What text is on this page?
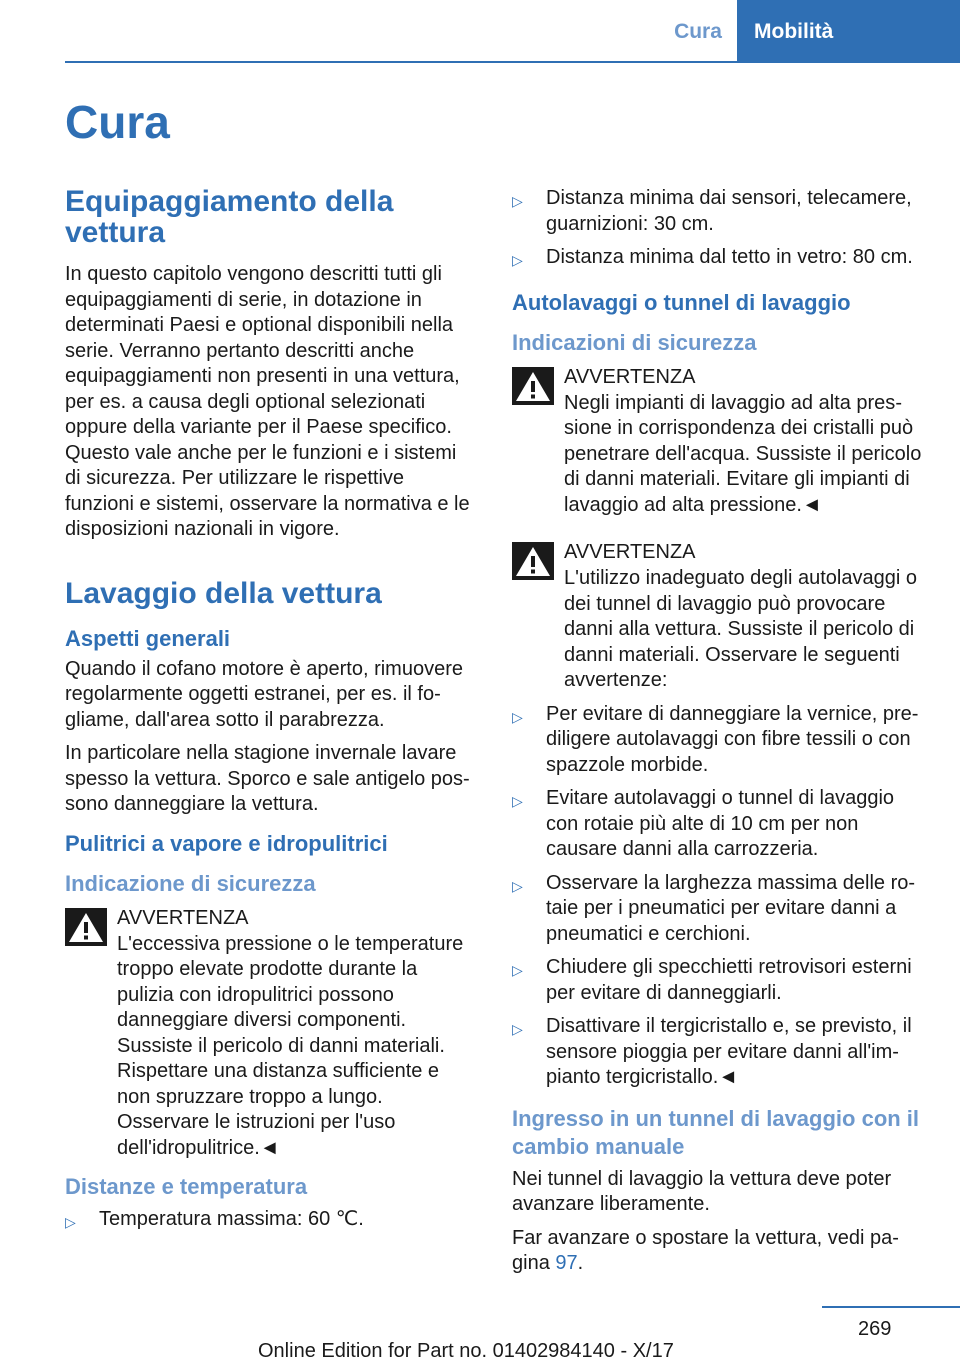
Cura	Mobilità
Cura
Equipaggiamento della vettura

In questo capitolo vengono descritti tutti gli equipaggiamenti di serie, in dotazione in determinati Paesi e optional disponibili nella serie. Verranno pertanto descritti anche equipaggiamenti non presenti in una vettura, per es. a causa degli optional selezionati oppure della variante per il Paese specifico. Questo vale anche per le funzioni e i sistemi di sicurezza. Per utilizzare le rispettive funzioni e sistemi, osservare la normativa e le disposizioni nazionali in vigore.

Lavaggio della vettura
Aspetti generali

Quando il cofano motore è aperto, rimuovere regolarmente oggetti estranei, per es. il fogliame, dall'area sotto il parabrezza.

In particolare nella stagione invernale lavare spesso la vettura. Sporco e sale antigelo possono danneggiare la vettura.

Pulitrici a vapore e idropulitrici
Indicazione di sicurezza
AVVERTENZA
L'eccessiva pressione o le temperature troppo elevate prodotte durante la pulizia con idropulitrici possono danneggiare diversi componenti. Sussiste il pericolo di danni materiali. Rispettare una distanza sufficiente e non spruzzare troppo a lungo. Osservare le istruzioni per l'uso dell'idropulitrice.◄
Distanze e temperatura
▷ Temperatura massima: 60 ℃.
▷ Distanza minima dai sensori, telecamere, guarnizioni: 30 cm.
▷ Distanza minima dal tetto in vetro: 80 cm.
Autolavaggi o tunnel di lavaggio
Indicazioni di sicurezza
AVVERTENZA
Negli impianti di lavaggio ad alta pressione in corrispondenza dei cristalli può penetrare dell'acqua. Sussiste il pericolo di danni materiali. Evitare gli impianti di lavaggio ad alta pressione.◄
AVVERTENZA
L'utilizzo inadeguato degli autolavaggi o dei tunnel di lavaggio può provocare danni alla vettura. Sussiste il pericolo di danni materiali. Osservare le seguenti avvertenze:
▷ Per evitare di danneggiare la vernice, prediligere autolavaggi con fibre tessili o con spazzole morbide.
▷ Evitare autolavaggi o tunnel di lavaggio con rotaie più alte di 10 cm per non causare danni alla carrozzeria.
▷ Osservare la larghezza massima delle rotaie per i pneumatici per evitare danni a pneumatici e cerchioni.
▷ Chiudere gli specchietti retrovisori esterni per evitare di danneggiarli.
▷ Disattivare il tergicristallo e, se previsto, il sensore pioggia per evitare danni all'impianto tergicristallo.◄
Ingresso in un tunnel di lavaggio con il cambio manuale

Nei tunnel di lavaggio la vettura deve poter avanzare liberamente.

Far avanzare o spostare la vettura, vedi pagina 97.

269
Online Edition for Part no. 01402984140 - X/17
